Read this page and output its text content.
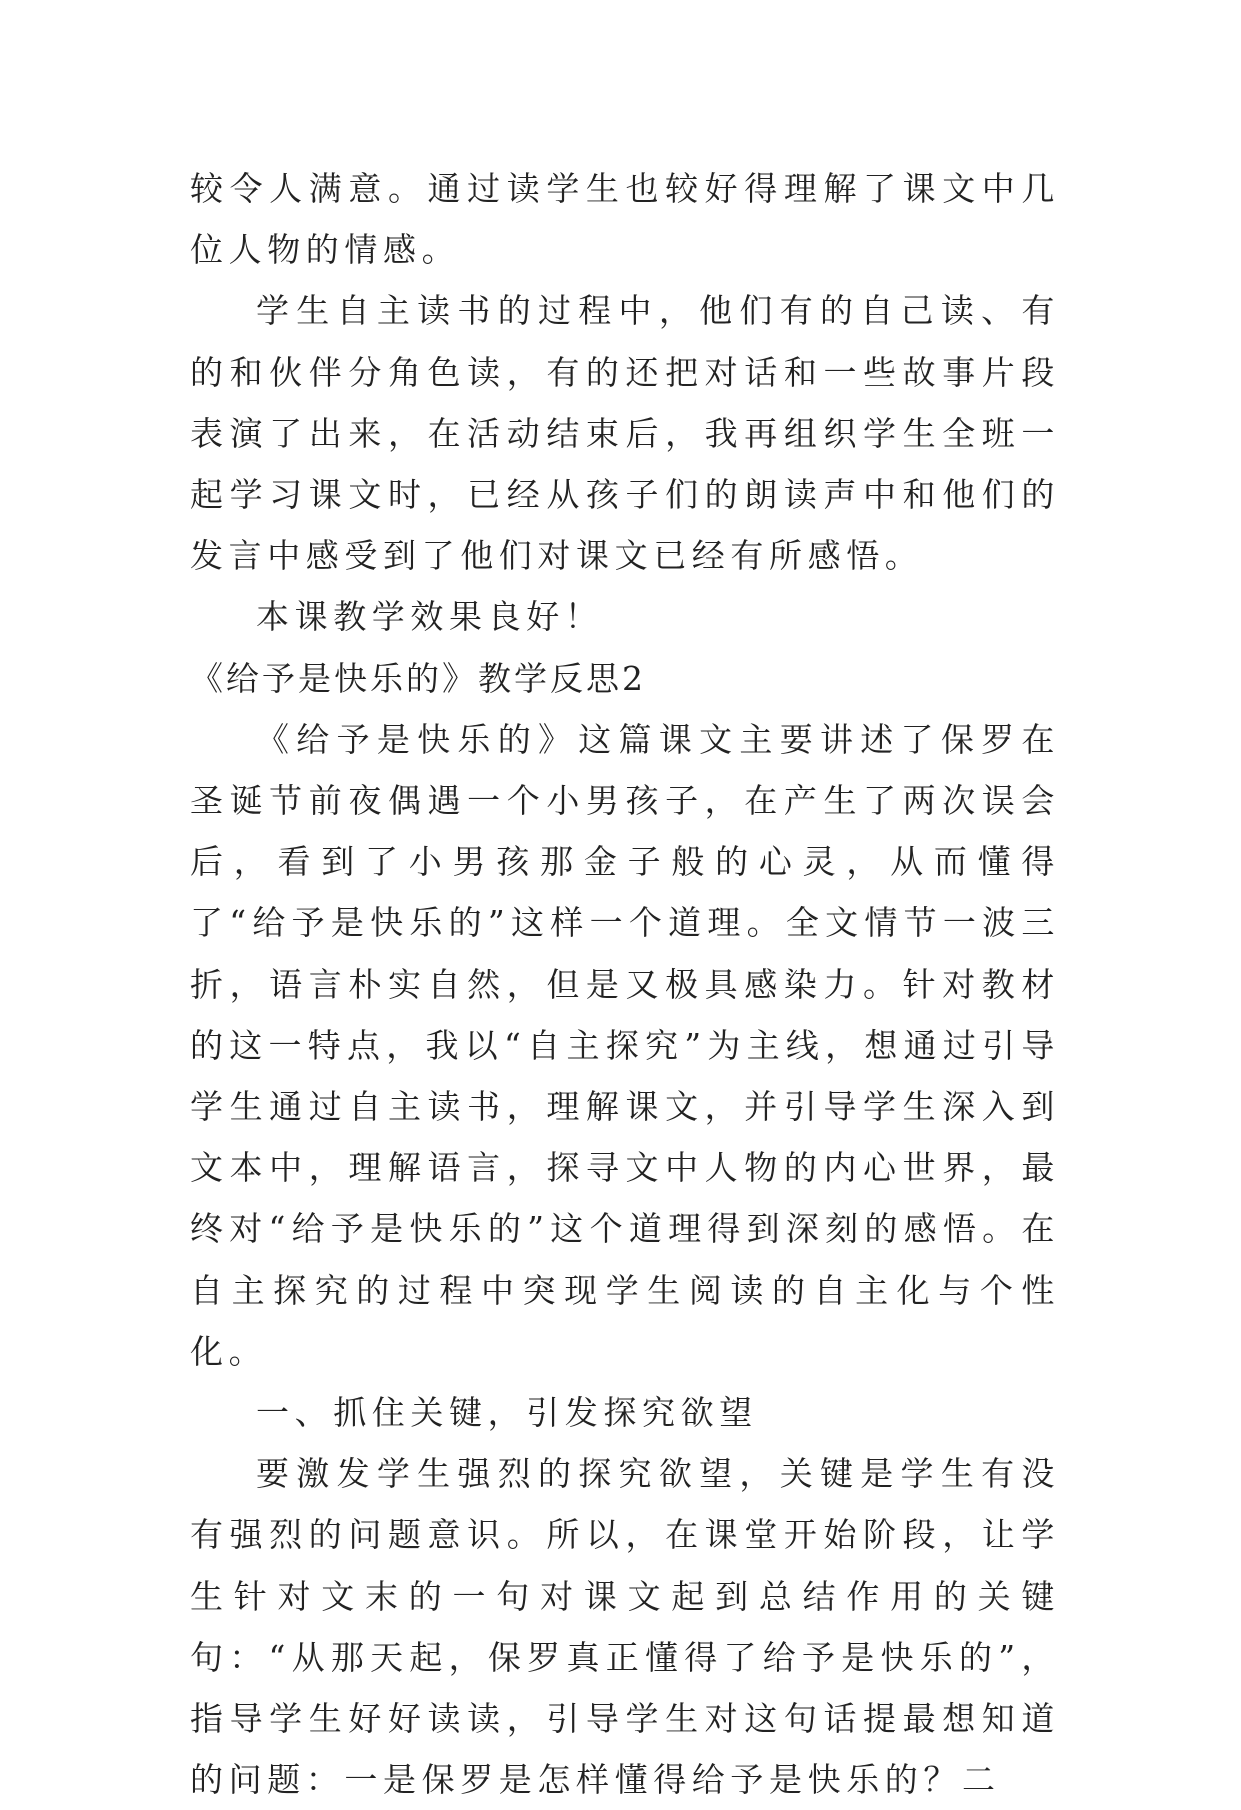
较令人满意。通过读学生也较好得理解了课文中几位人物的情感。

学生自主读书的过程中，他们有的自己读、有的和伙伴分角色读，有的还把对话和一些故事片段表演了出来，在活动结束后，我再组织学生全班一起学习课文时，已经从孩子们的朗读声中和他们的发言中感受到了他们对课文已经有所感悟。

本课教学效果良好！

《给予是快乐的》教学反思2

《给予是快乐的》这篇课文主要讲述了保罗在圣诞节前夜偶遇一个小男孩子，在产生了两次误会后，看到了小男孩那金子般的心灵，从而懂得了“给予是快乐的”这样一个道理。全文情节一波三折，语言朴实自然，但是又极具感染力。针对教材的这一特点，我以“自主探究”为主线，想通过引导学生通过自主读书，理解课文，并引导学生深入到文本中，理解语言，探寻文中人物的内心世界，最终对“给予是快乐的”这个道理得到深刻的感悟。在自主探究的过程中突现学生阅读的自主化与个性化。

一、抓住关键，引发探究欲望

要激发学生强烈的探究欲望，关键是学生有没有强烈的问题意识。所以，在课堂开始阶段，让学生针对文末的一句对课文起到总结作用的关键句：“从那天起，保罗真正懂得了给予是快乐的”，指导学生好好读读，引导学生对这句话提最想知道的问题：一是保罗是怎样懂得给予是快乐的？二
